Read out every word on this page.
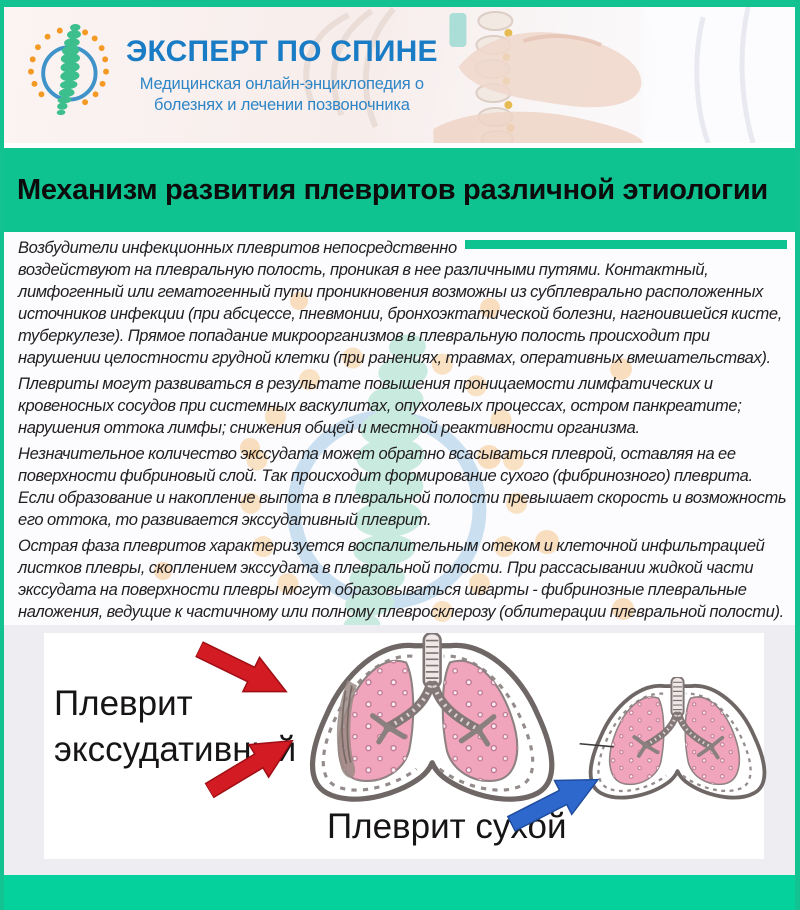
ЭКСПЕРТ ПО СПИНЕ
Медицинская онлайн-энциклопедия о
болезнях и лечении позвоночника
Механизм развития плевритов различной этиологии
Возбудители инфекционных плевритов непосредственно
воздействуют на плевральную полость, проникая в нее различными путями. Контактный, лимфогенный или гематогенный пути проникновения возможны из субплеврально расположенных источников инфекции (при абсцессе, пневмонии, бронхоэктатической болезни, нагноившейся кисте, туберкулезе). Прямое попадание микроорганизмов в плевральную полость происходит при нарушении целостности грудной клетки (при ранениях, травмах, оперативных вмешательствах).

Плевриты могут развиваться в результате повышения проницаемости лимфатических и кровеносных сосудов при системных васкулитах, опухолевых процессах, остром панкреатите; нарушения оттока лимфы; снижения общей и местной реактивности организма.

Незначительное количество экссудата может обратно всасываться плеврой, оставляя на ее поверхности фибриновый слой. Так происходит формирование сухого (фибринозного) плеврита. Если образование и накопление выпота в плевральной полости превышает скорость и возможность его оттока, то развивается экссудативный плеврит.

Острая фаза плевритов характеризуется воспалительным отеком и клеточной инфильтрацией листков плевры, скоплением экссудата в плевральной полости. При рассасывании жидкой части экссудата на поверхности плевры могут образовываться шварты - фибринозные плевральные наложения, ведущие к частичному или полному плевросклерозу (облитерации плевральной полости).

Плеврит
экссудативный
Плеврит сухой
